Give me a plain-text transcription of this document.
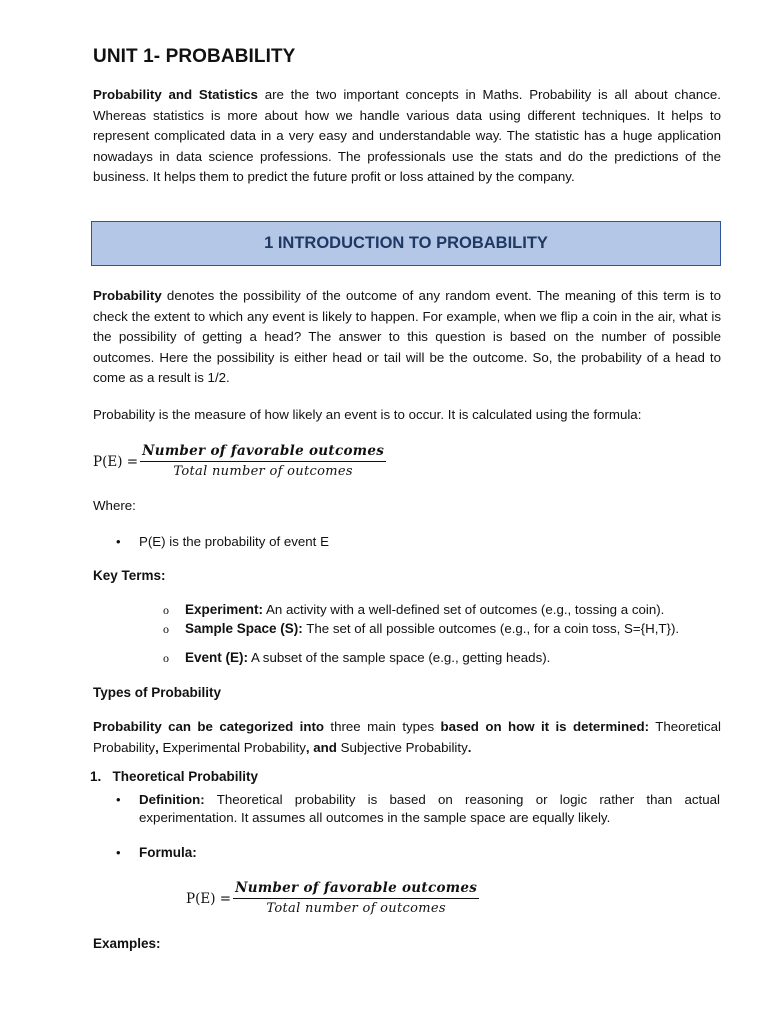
UNIT 1- PROBABILITY

Probability and Statistics are the two important concepts in Maths. Probability is all about chance. Whereas statistics is more about how we handle various data using different techniques. It helps to represent complicated data in a very easy and understandable way. The statistic has a huge application nowadays in data science professions. The professionals use the stats and do the predictions of the business. It helps them to predict the future profit or loss attained by the company.

1 INTRODUCTION TO PROBABILITY

Probability denotes the possibility of the outcome of any random event. The meaning of this term is to check the extent to which any event is likely to happen. For example, when we flip a coin in the air, what is the possibility of getting a head? The answer to this question is based on the number of possible outcomes. Here the possibility is either head or tail will be the outcome. So, the probability of a head to come as a result is 1/2.

Probability is the measure of how likely an event is to occur. It is calculated using the formula:

$P(E) = \frac{\text{Number of favorable outcomes}}{\text{Total number of outcomes}}$
Where:
• P(E) is the probability of event E
Key Terms:
o Experiment: An activity with a well-defined set of outcomes (e.g., tossing a coin).
o Sample Space (S): The set of all possible outcomes (e.g., for a coin toss, S={H,T}).
o Event (E): A subset of the sample space (e.g., getting heads).
Types of Probability

Probability can be categorized into three main types based on how it is determined: Theoretical Probability, Experimental Probability, and Subjective Probability.

1.   Theoretical Probability
• Definition: Theoretical probability is based on reasoning or logic rather than actual experimentation. It assumes all outcomes in the sample space are equally likely.

• Formula:
$P(E) = \frac{\text{Number of favorable outcomes}}{\text{Total number of outcomes}}$
Examples:
